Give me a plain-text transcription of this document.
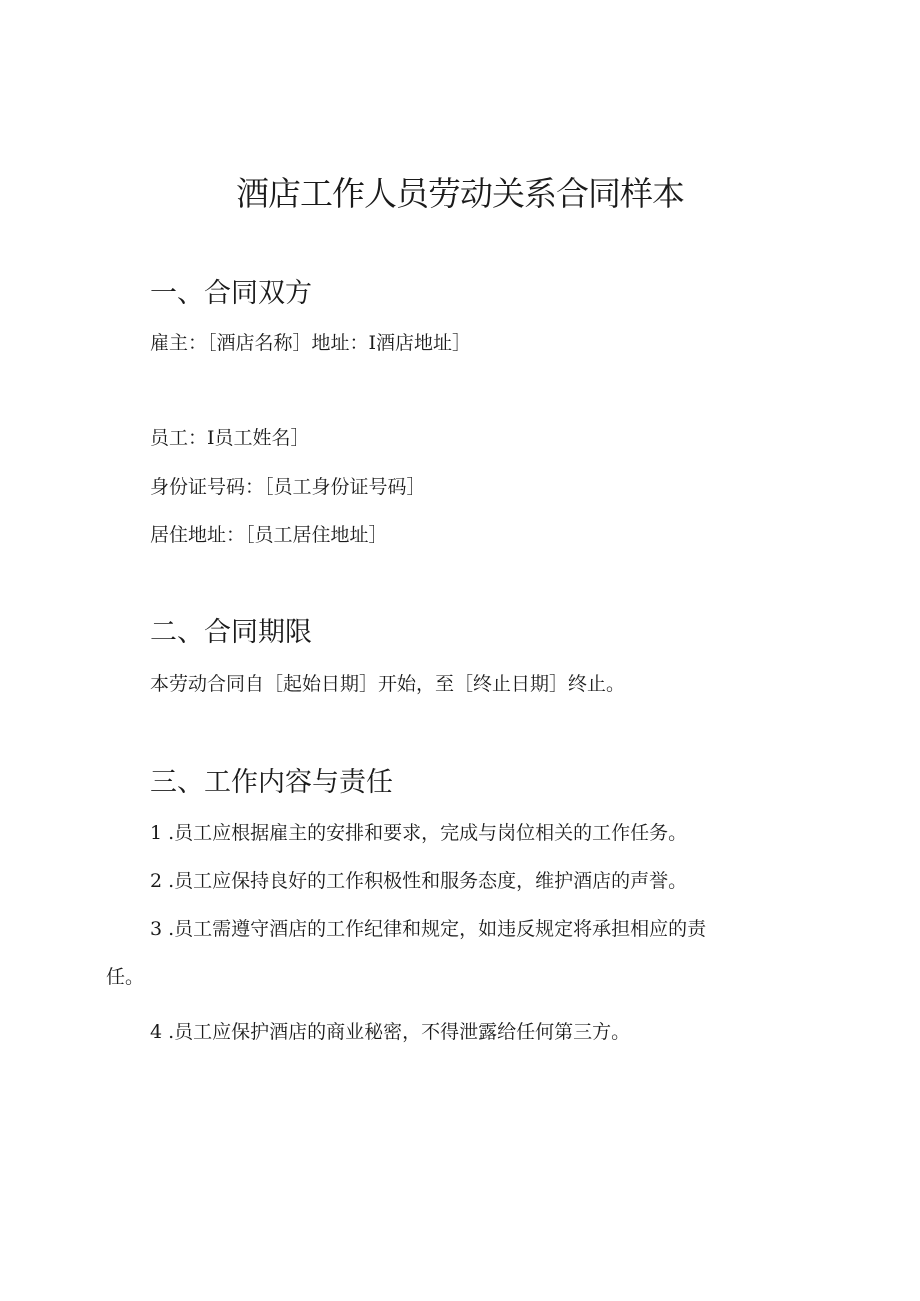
酒店工作人员劳动关系合同样本
一、合同双方
雇主：［酒店名称］地址：I酒店地址］
员工：I员工姓名］
身份证号码：［员工身份证号码］
居住地址：［员工居住地址］
二、合同期限
本劳动合同自［起始日期］开始，至［终止日期］终止。
三、工作内容与责任
1 .员工应根据雇主的安排和要求，完成与岗位相关的工作任务。
2 .员工应保持良好的工作积极性和服务态度，维护酒店的声誉。
3 .员工需遵守酒店的工作纪律和规定，如违反规定将承担相应的责
任。
4 .员工应保护酒店的商业秘密，不得泄露给任何第三方。
